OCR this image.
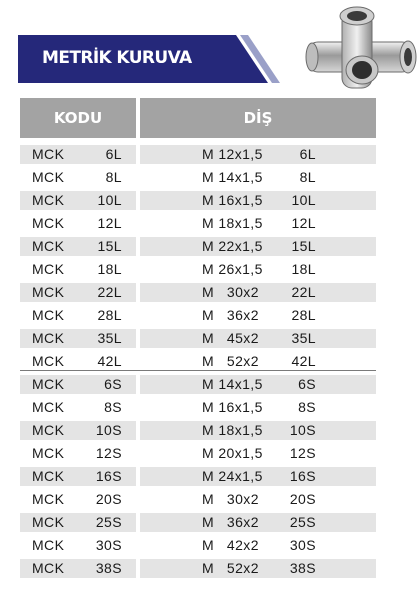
METRİK KURUVA
KODU	DİŞ
MCK	6L	M 12x1,5	6L
MCK	8L	M 14x1,5	8L
MCK 10L	M 16x1,5 10L
MCK 12L	M 18x1,5 12L
MCK 15L	M 22x1,5 15L
MCK 18L	M 26x1,5 18L
MCK 22L	M   30x2 22L
MCK 28L	M   36x2 28L
MCK 35L	M   45x2 35L
MCK 42L	M   52x2 42L
MCK	6S	M 14x1,5	6S
MCK	8S	M 16x1,5	8S
MCK 10S	M 18x1,5 10S
MCK 12S	M 20x1,5 12S
MCK 16S	M 24x1,5 16S
MCK 20S	M   30x2 20S
MCK 25S	M   36x2 25S
MCK 30S	M   42x2 30S
MCK 38S	M   52x2 38S
